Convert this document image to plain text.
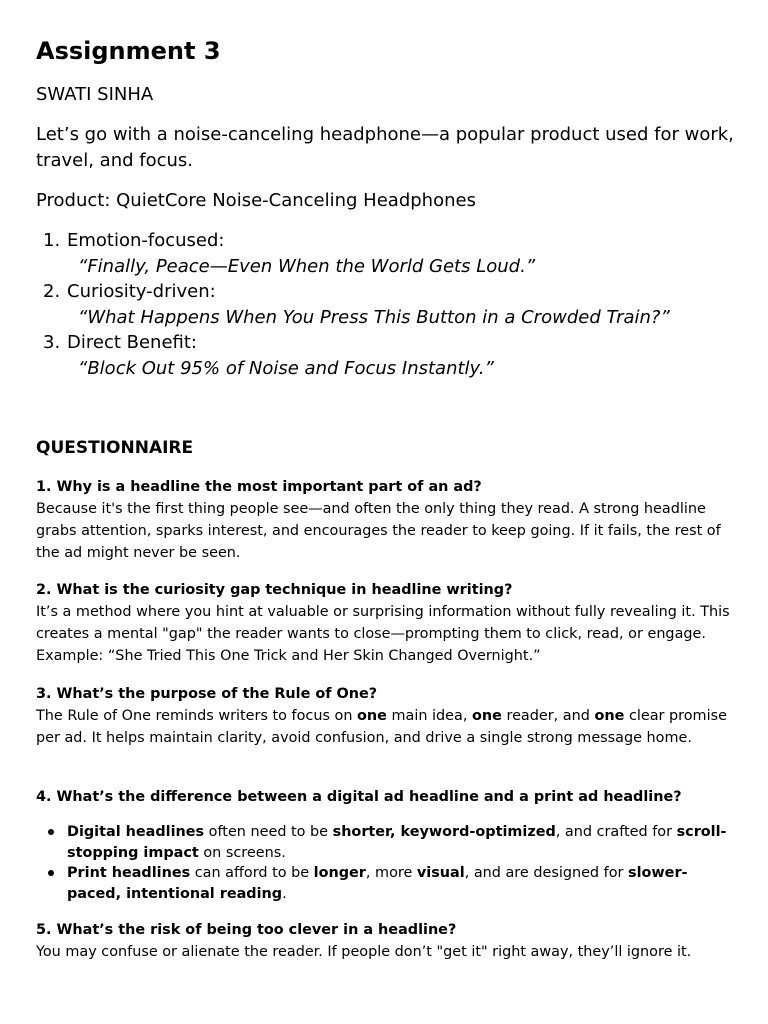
Assignment 3

SWATI SINHA

Let’s go with a noise-canceling headphone—a popular product used for work, travel, and focus.

Product: QuietCore Noise-Canceling Headphones

1. Emotion-focused:
“Finally, Peace—Even When the World Gets Loud.”
2. Curiosity-driven:
“What Happens When You Press This Button in a Crowded Train?”
3. Direct Benefit:
“Block Out 95% of Noise and Focus Instantly.”
QUESTIONNAIRE

1. Why is a headline the most important part of an ad?

Because it's the first thing people see—and often the only thing they read. A strong headline grabs attention, sparks interest, and encourages the reader to keep going. If it fails, the rest of the ad might never be seen.

2. What is the curiosity gap technique in headline writing?

It’s a method where you hint at valuable or surprising information without fully revealing it. This creates a mental "gap" the reader wants to close—prompting them to click, read, or engage. Example: “She Tried This One Trick and Her Skin Changed Overnight.”

3. What’s the purpose of the Rule of One?

The Rule of One reminds writers to focus on one main idea, one reader, and one clear promise per ad. It helps maintain clarity, avoid confusion, and drive a single strong message home.

4. What’s the difference between a digital ad headline and a print ad headline?

Digital headlines often need to be shorter, keyword-optimized, and crafted for scroll-stopping impact on screens.
Print headlines can afford to be longer, more visual, and are designed for slower-paced, intentional reading.

5. What’s the risk of being too clever in a headline?

You may confuse or alienate the reader. If people don’t "get it" right away, they’ll ignore it.
